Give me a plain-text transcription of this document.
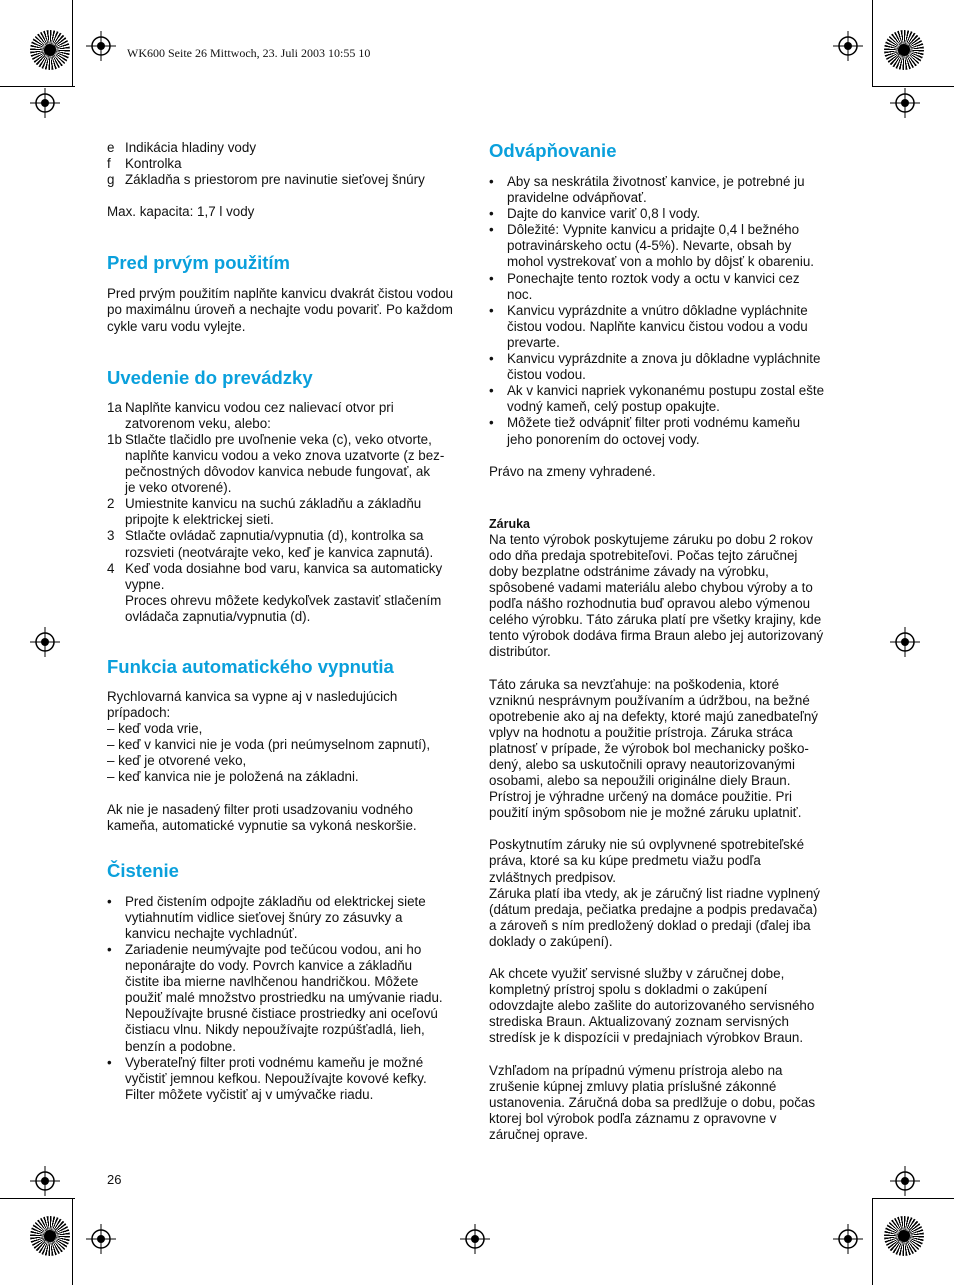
WK600 Seite 26 Mittwoch, 23. Juli 2003 10:55 10
e Indikácia hladiny vody
f Kontrolka
g Základňa s priestorom pre navinutie sieťovej šnúry

Max. kapacita: 1,7 l vody

Pred prvým použitím

Pred prvým použitím naplňte kanvicu dvakrát čistou vodou po maximálnu úroveň a nechajte vodu povariť. Po každom cykle varu vodu vylejte.

Uvedenie do prevádzky
1a Naplňte kanvicu vodou cez nalievací otvor pri
zatvorenom veku, alebo:
1b Stlačte tlačidlo pre uvoľnenie veka (c), veko otvorte,
naplňte kanvicu vodou a veko znova uzatvorte (z bez-
pečnostných dôvodov kanvica nebude fungovať, ak
je veko otvorené).
2 Umiestnite kanvicu na suchú základňu a základňu
pripojte k elektrickej sieti.
3 Stlačte ovládač zapnutia/vypnutia (d), kontrolka sa
rozsvieti (neotvárajte veko, keď je kanvica zapnutá).
4 Keď voda dosiahne bod varu, kanvica sa automaticky
vypne.
Proces ohrevu môžete kedykoľvek zastaviť stlačením
ovládača zapnutia/vypnutia (d).
Funkcia automatického vypnutia

Rychlovarná kanvica sa vypne aj v nasledujúcich
prípadoch:

– keď voda vrie,
– keď v kanvici nie je voda (pri neúmyselnom zapnutí),
– keď je otvorené veko,
– keď kanvica nie je položená na základni.

Ak nie je nasadený filter proti usadzovaniu vodného
kameňa, automatické vypnutie sa vykoná neskoršie.

Čistenie
• Pred čistením odpojte základňu od elektrickej siete
vytiahnutím vidlice sieťovej šnúry zo zásuvky a
kanvicu nechajte vychladnúť.
• Zariadenie neumývajte pod tečúcou vodou, ani ho
neponárajte do vody. Povrch kanvice a základňu
čistite iba mierne navlhčenou handričkou. Môžete
použiť malé množstvo prostriedku na umývanie riadu.
Nepoužívajte brusné čistiace prostriedky ani oceľovú
čistiacu vlnu. Nikdy nepoužívajte rozpúšťadlá, lieh,
benzín a podobne.
• Vyberateľný filter proti vodnému kameňu je možné
vyčistiť jemnou kefkou. Nepoužívajte kovové kefky.
Filter môžete vyčistiť aj v umývačke riadu.
Odvápňovanie
• Aby sa neskrátila životnosť kanvice, je potrebné ju
pravidelne odvápňovať.
• Dajte do kanvice variť 0,8 l vody.
• Dôležité: Vypnite kanvicu a pridajte 0,4 l bežného
potravinárskeho octu (4-5%). Nevarte, obsah by
mohol vystrekovať von a mohlo by dôjsť k obareniu.
• Ponechajte tento roztok vody a octu v kanvici cez
noc.
• Kanvicu vyprázdnite a vnútro dôkladne vypláchnite
čistou vodou. Naplňte kanvicu čistou vodou a vodu
prevarte.
• Kanvicu vyprázdnite a znova ju dôkladne vypláchnite
čistou vodou.
• Ak v kanvici napriek vykonanému postupu zostal ešte
vodný kameň, celý postup opakujte.
• Môžete tiež odvápniť filter proti vodnému kameňu
jeho ponorením do octovej vody.

Právo na zmeny vyhradené.

Záruka

Na tento výrobok poskytujeme záruku po dobu 2 rokov
odo dňa predaja spotrebiteľovi. Počas tejto záručnej
doby bezplatne odstránime závady na výrobku,
spôsobené vadami materiálu alebo chybou výroby a to
podľa nášho rozhodnutia buď opravou alebo výmenou
celého výrobku. Táto záruka platí pre všetky krajiny, kde
tento výrobok dodáva firma Braun alebo jej autorizovaný
distribútor.

Táto záruka sa nevzťahuje: na poškodenia, ktoré
vzniknú nesprávnym používaním a údržbou, na bežné
opotrebenie ako aj na defekty, ktoré majú zanedbateľný
vplyv na hodnotu a použitie prístroja. Záruka stráca
platnosť v prípade, že výrobok bol mechanicky poško-
dený, alebo sa uskutočnili opravy neautorizovanými
osobami, alebo sa nepoužili originálne diely Braun.
Prístroj je výhradne určený na domáce použitie. Pri
použití iným spôsobom nie je možné záruku uplatniť.

Poskytnutím záruky nie sú ovplyvnené spotrebiteľské
práva, ktoré sa ku kúpe predmetu viažu podľa
zvláštnych predpisov.
Záruka platí iba vtedy, ak je záručný list riadne vyplnený
(dátum predaja, pečiatka predajne a podpis predavača)
a zároveň s ním predložený doklad o predaji (ďalej iba
doklady o zakúpení).

Ak chcete využiť servisné služby v záručnej dobe,
kompletný prístroj spolu s dokladmi o zakúpení
odovzdajte alebo zašlite do autorizovaného servisného
strediska Braun. Aktualizovaný zoznam servisných
stredísk je k dispozícii v predajniach výrobkov Braun.

Vzhľadom na prípadnú výmenu prístroja alebo na
zrušenie kúpnej zmluvy platia príslušné zákonné
ustanovenia. Záručná doba sa predlžuje o dobu, počas
ktorej bol výrobok podľa záznamu z opravovne v
záručnej oprave.

26
